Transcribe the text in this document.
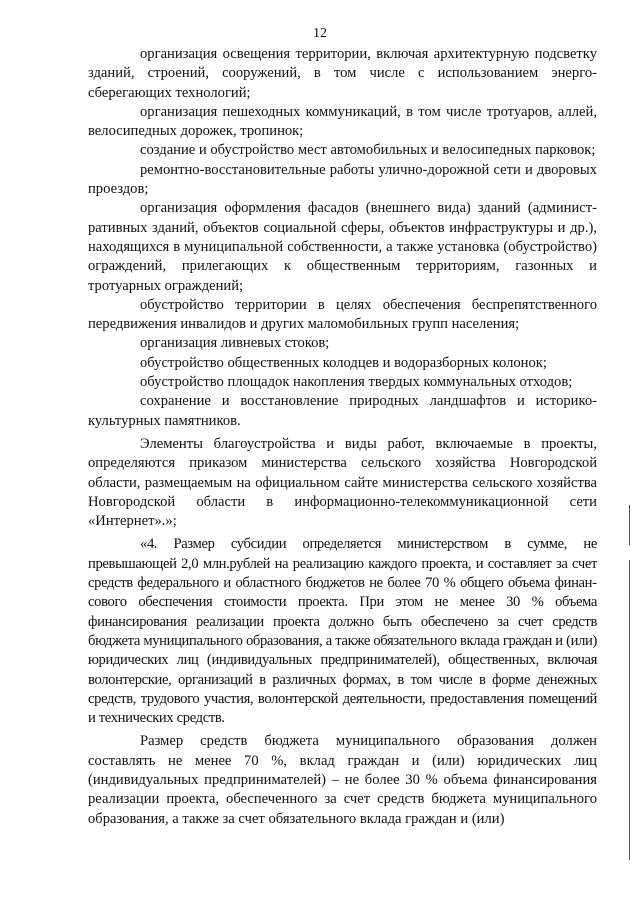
12

организация освещения территории, включая архитектурную подсветку зданий, строений, сооружений, в том числе с использованием энергосберегающих технологий;

организация пешеходных коммуникаций, в том числе тротуаров, аллей, велосипедных дорожек, тропинок;

создание и обустройство мест автомобильных и велосипедных парковок;

ремонтно-восстановительные работы улично-дорожной сети и дворовых проездов;

организация оформления фасадов (внешнего вида) зданий (административных зданий, объектов социальной сферы, объектов инфраструктуры и др.), находящихся в муниципальной собственности, а также установка (обустройство) ограждений, прилегающих к общественным территориям, газонных и тротуарных ограждений;

обустройство территории в целях обеспечения беспрепятственного передвижения инвалидов и других маломобильных групп населения;

организация ливневых стоков;

обустройство общественных колодцев и водоразборных колонок;

обустройство площадок накопления твердых коммунальных отходов;

сохранение и восстановление природных ландшафтов и историко-культурных памятников.

Элементы благоустройства и виды работ, включаемые в проекты, определяются приказом министерства сельского хозяйства Новгородской области, размещаемым на официальном сайте министерства сельского хозяйства Новгородской области в информационно-телекоммуникационной сети «Интернет».»;

«4. Размер субсидии определяется министерством в сумме, не превышающей 2,0 млн.рублей на реализацию каждого проекта, и составляет за счет средств федерального и областного бюджетов не более 70 % общего объема финансового обеспечения стоимости проекта. При этом не менее 30 % объема финансирования реализации проекта должно быть обеспечено за счет средств бюджета муниципального образования, а также обязательного вклада граждан и (или) юридических лиц (индивидуальных предпринимателей), общественных, включая волонтерские, организаций в различных формах, в том числе в форме денежных средств, трудового участия, волонтерской деятельности, предоставления помещений и технических средств.

Размер средств бюджета муниципального образования должен составлять не менее 70 %, вклад граждан и (или) юридических лиц (индивидуальных предпринимателей) – не более 30 % объема финансирования реализации проекта, обеспеченного за счет средств бюджета муниципального образования, а также за счет обязательного вклада граждан и (или)
